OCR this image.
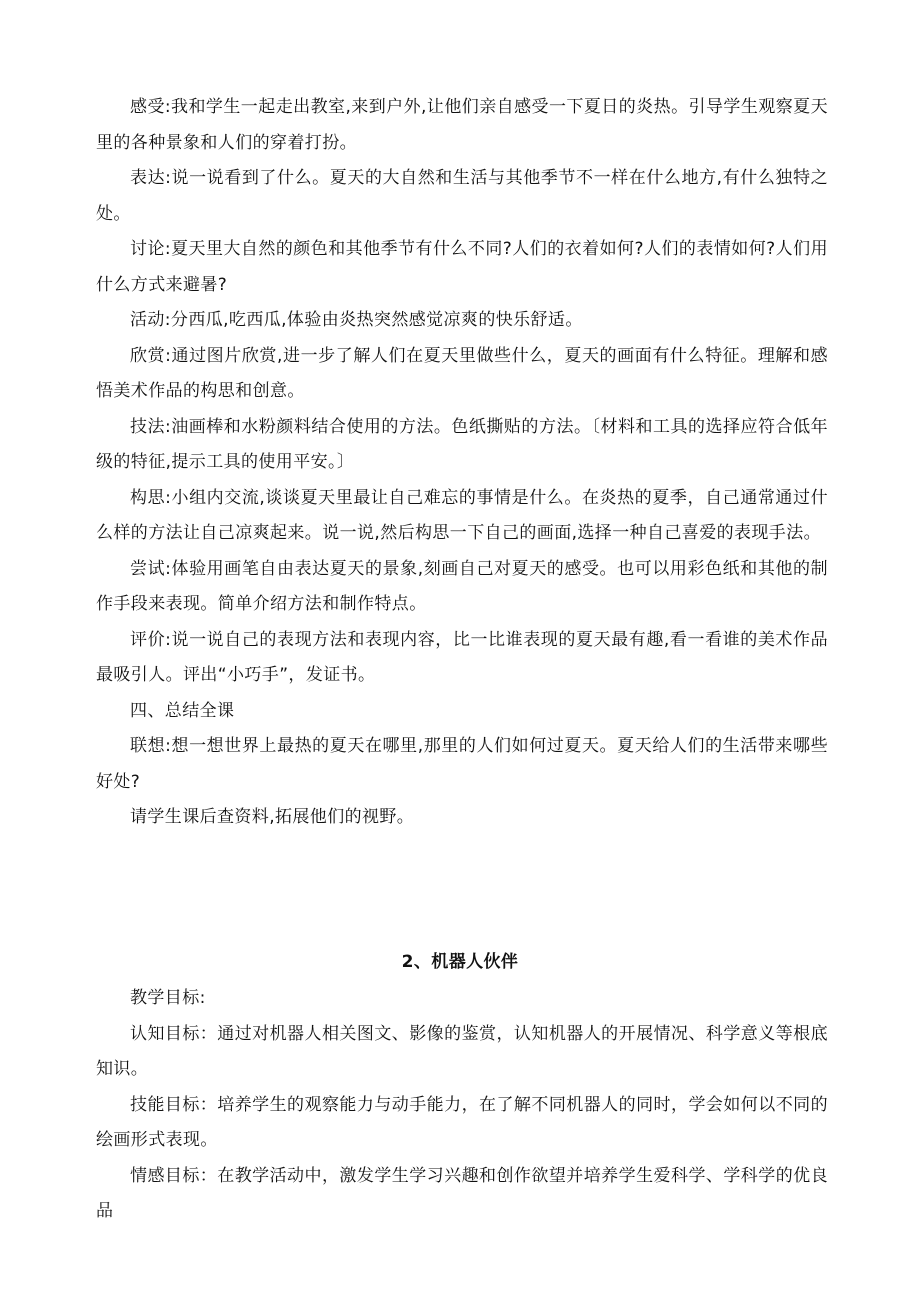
感受:我和学生一起走出教室,来到户外,让他们亲自感受一下夏日的炎热。引导学生观察夏天里的各种景象和人们的穿着打扮。

表达:说一说看到了什么。夏天的大自然和生活与其他季节不一样在什么地方,有什么独特之处。

讨论:夏天里大自然的颜色和其他季节有什么不同?人们的衣着如何?人们的表情如何?人们用什么方式来避暑?

活动:分西瓜,吃西瓜,体验由炎热突然感觉凉爽的快乐舒适。

欣赏:通过图片欣赏,进一步了解人们在夏天里做些什么，夏天的画面有什么特征。理解和感悟美术作品的构思和创意。

技法:油画棒和水粉颜料结合使用的方法。色纸撕贴的方法。〔材料和工具的选择应符合低年级的特征,提示工具的使用平安。〕

构思:小组内交流,谈谈夏天里最让自己难忘的事情是什么。在炎热的夏季，自己通常通过什么样的方法让自己凉爽起来。说一说,然后构思一下自己的画面,选择一种自己喜爱的表现手法。

尝试:体验用画笔自由表达夏天的景象,刻画自己对夏天的感受。也可以用彩色纸和其他的制作手段来表现。简单介绍方法和制作特点。

评价:说一说自己的表现方法和表现内容，比一比谁表现的夏天最有趣,看一看谁的美术作品最吸引人。评出“小巧手”，发证书。

四、总结全课

联想:想一想世界上最热的夏天在哪里,那里的人们如何过夏天。夏天给人们的生活带来哪些好处?

请学生课后查资料,拓展他们的视野。

2、机器人伙伴

教学目标:

认知目标：通过对机器人相关图文、影像的鉴赏，认知机器人的开展情况、科学意义等根底知识。

技能目标：培养学生的观察能力与动手能力，在了解不同机器人的同时，学会如何以不同的绘画形式表现。

情感目标：在教学活动中，激发学生学习兴趣和创作欲望并培养学生爱科学、学科学的优良品
